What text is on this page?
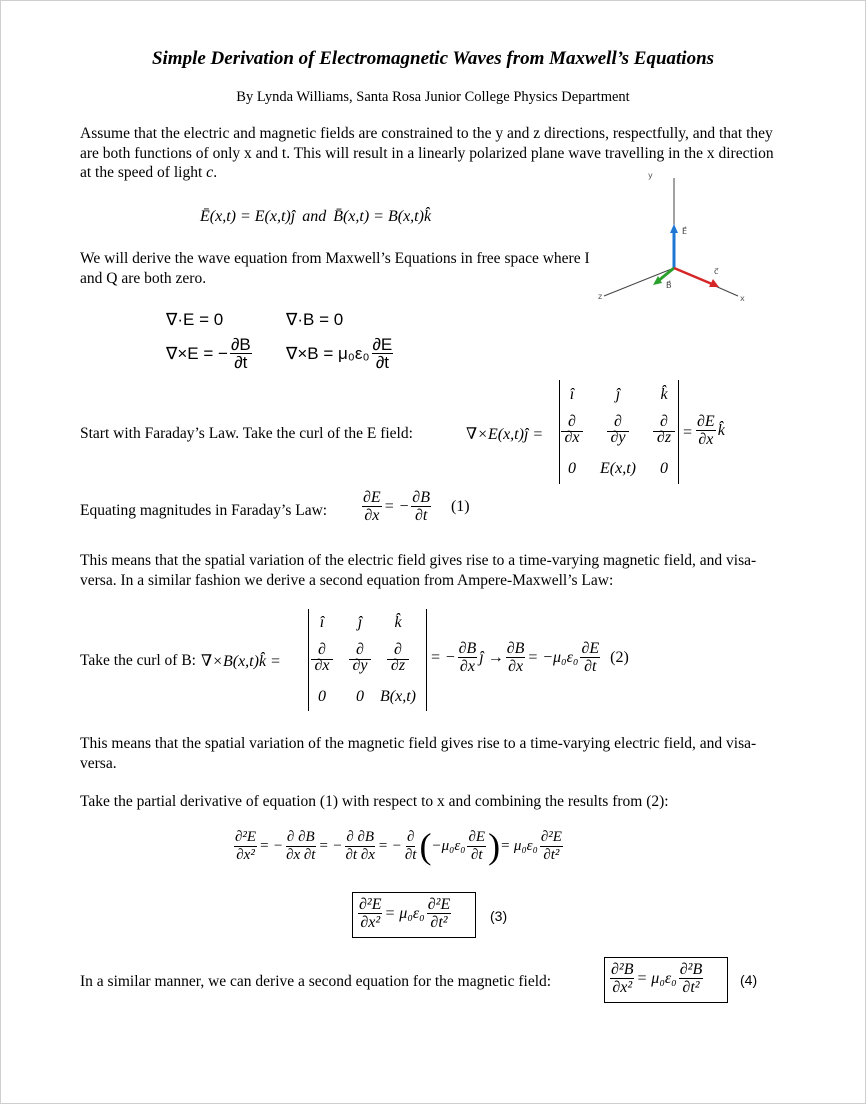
Simple Derivation of Electromagnetic Waves from Maxwell’s Equations
By Lynda Williams, Santa Rosa Junior College Physics Department
Assume that the electric and magnetic fields are constrained to the y and z directions, respectfully, and that they are both functions of only x and t. This will result in a linearly polarized plane wave travelling in the x direction at the speed of light c.
Ē(x,t) = E(x,t)ĵ and B̄(x,t) = B(x,t)k̂
We will derive the wave equation from Maxwell’s Equations in free space where I and Q are both zero.
y
z	x
E⃗
B⃗
c⃗
∇·E = 0	∇·B = 0
∇×E = − $\frac{\partial B}{\partial t} \nabla\times B = \mu_0\varepsilon_0 \frac{\partial E}{\partial t}$
Start with Faraday’s Law. Take the curl of the E field:	∇×E(x,t)ĵ =
î	ĵ	k̂
∂	∂	∂
∂x	∂y	∂z
0	E(x,t)	0
= $\frac{\partial E}{\partial x}$ k̂
Equating magnitudes in Faraday’s Law: $\frac{\partial E}{\partial x}$ = − $\frac{\partial B}{\partial t} (1)$
This means that the spatial variation of the electric field gives rise to a time-varying magnetic field, and visa-versa. In a similar fashion we derive a second equation from Ampere-Maxwell’s Law:
Take the curl of B: ∇×B(x,t)k̂ =
î	ĵ	k̂
∂	∂	∂
∂x	∂y	∂z
0	0	B(x,t)
= − $\frac{\partial B}{\partial x}$ ĵ → $\frac{\partial B}{\partial x} = -\mu_0\varepsilon_0 \frac{\partial E}{\partial t} (2)$
This means that the spatial variation of the magnetic field gives rise to a time-varying electric field, and visa-versa.
Take the partial derivative of equation (1) with respect to x and combining the results from (2):
$\frac{\text{∂²E}}{\text{∂x²}}$ = − $\frac{\partial \partial B}{\partial x \partial t}$ = − $\frac{\partial \partial B}{\partial t \partial x}$ = − $\frac{\partial}{\partial t}$ ( $-\mu_0\varepsilon_0 \frac{\partial E}{\partial t}$ ) = $\mu_0\varepsilon_0 \frac{\text{∂²E}}{\text{∂t²}}$
$\frac{\text{∂²E}}{\text{∂x²}} = \mu_0\varepsilon_0 \frac{\text{∂²E}}{\text{∂t²}}$	(3)
In a similar manner, we can derive a second equation for the magnetic field:	$\frac{\text{∂²B}}{\text{∂x²}} = \mu_0\varepsilon_0 \frac{\text{∂²B}}{\text{∂t²}}$	(4)
